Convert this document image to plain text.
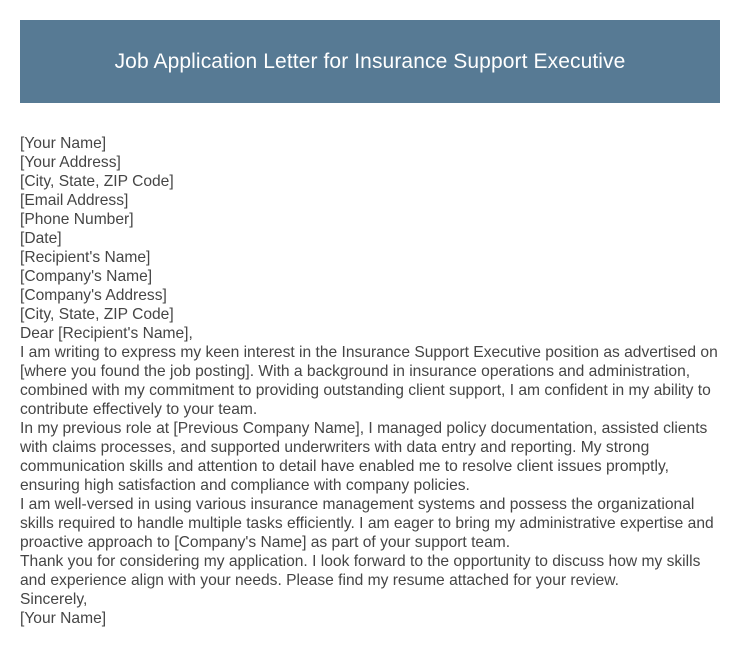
Job Application Letter for Insurance Support Executive
[Your Name]
[Your Address]
[City, State, ZIP Code]
[Email Address]
[Phone Number]
[Date]
[Recipient's Name]
[Company's Name]
[Company's Address]
[City, State, ZIP Code]
Dear [Recipient's Name],

I am writing to express my keen interest in the Insurance Support Executive position as advertised on [where you found the job posting]. With a background in insurance operations and administration, combined with my commitment to providing outstanding client support, I am confident in my ability to contribute effectively to your team.

In my previous role at [Previous Company Name], I managed policy documentation, assisted clients with claims processes, and supported underwriters with data entry and reporting. My strong communication skills and attention to detail have enabled me to resolve client issues promptly, ensuring high satisfaction and compliance with company policies.

I am well-versed in using various insurance management systems and possess the organizational skills required to handle multiple tasks efficiently. I am eager to bring my administrative expertise and proactive approach to [Company's Name] as part of your support team.

Thank you for considering my application. I look forward to the opportunity to discuss how my skills and experience align with your needs. Please find my resume attached for your review.

Sincerely,
[Your Name]
